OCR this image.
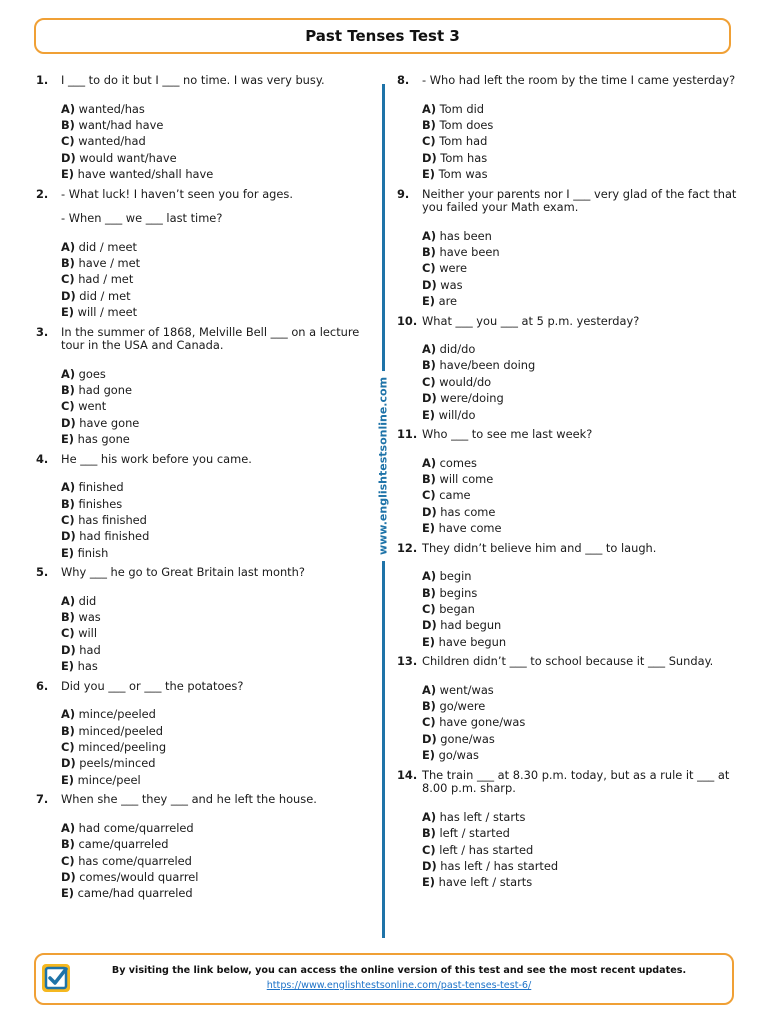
Past Tenses Test 3
1.	I ___ to do it but I ___ no time. I was very busy.
A) wanted/has
B) want/had have
C) wanted/had
D) would want/have
E) have wanted/shall have
2.	- What luck! I haven’t seen you for ages.
- When ___ we ___ last time?
A) did / meet
B) have / met
C) had / met
D) did / met
E) will / meet
3.	In the summer of 1868, Melville Bell ___ on a lecture tour in the USA and Canada.
A) goes
B) had gone
C) went
D) have gone
E) has gone
4.	He ___ his work before you came.
A) finished
B) finishes
C) has finished
D) had finished
E) finish
5.	Why ___ he go to Great Britain last month?
A) did
B) was
C) will
D) had
E) has
6.	Did you ___ or ___ the potatoes?
A) mince/peeled
B) minced/peeled
C) minced/peeling
D) peels/minced
E) mince/peel
7.	When she ___ they ___ and he left the house.
A) had come/quarreled
B) came/quarreled
C) has come/quarreled
D) comes/would quarrel
E) came/had quarreled
8.	- Who had left the room by the time I came yesterday?
A) Tom did
B) Tom does
C) Tom had
D) Tom has
E) Tom was
9.	Neither your parents nor I ___ very glad of the fact that you failed your Math exam.
A) has been
B) have been
C) were
D) was
E) are
10. What ___ you ___ at 5 p.m. yesterday?
A) did/do
B) have/been doing
C) would/do
D) were/doing
E) will/do
11. Who ___ to see me last week?
A) comes
B) will come
C) came
D) has come
E) have come
12. They didn’t believe him and ___ to laugh.
A) begin
B) begins
C) began
D) had begun
E) have begun
13. Children didn’t ___ to school because it ___ Sunday.
A) went/was
B) go/were
C) have gone/was
D) gone/was
E) go/was
14. The train ___ at 8.30 p.m. today, but as a rule it ___ at 8.00 p.m. sharp.
A) has left / starts
B) left / started
C) left / has started
D) has left / has started
E) have left / starts
www.englishtestsonline.com
By visiting the link below, you can access the online version of this test and see the most recent updates.
https://www.englishtestsonline.com/past-tenses-test-6/
